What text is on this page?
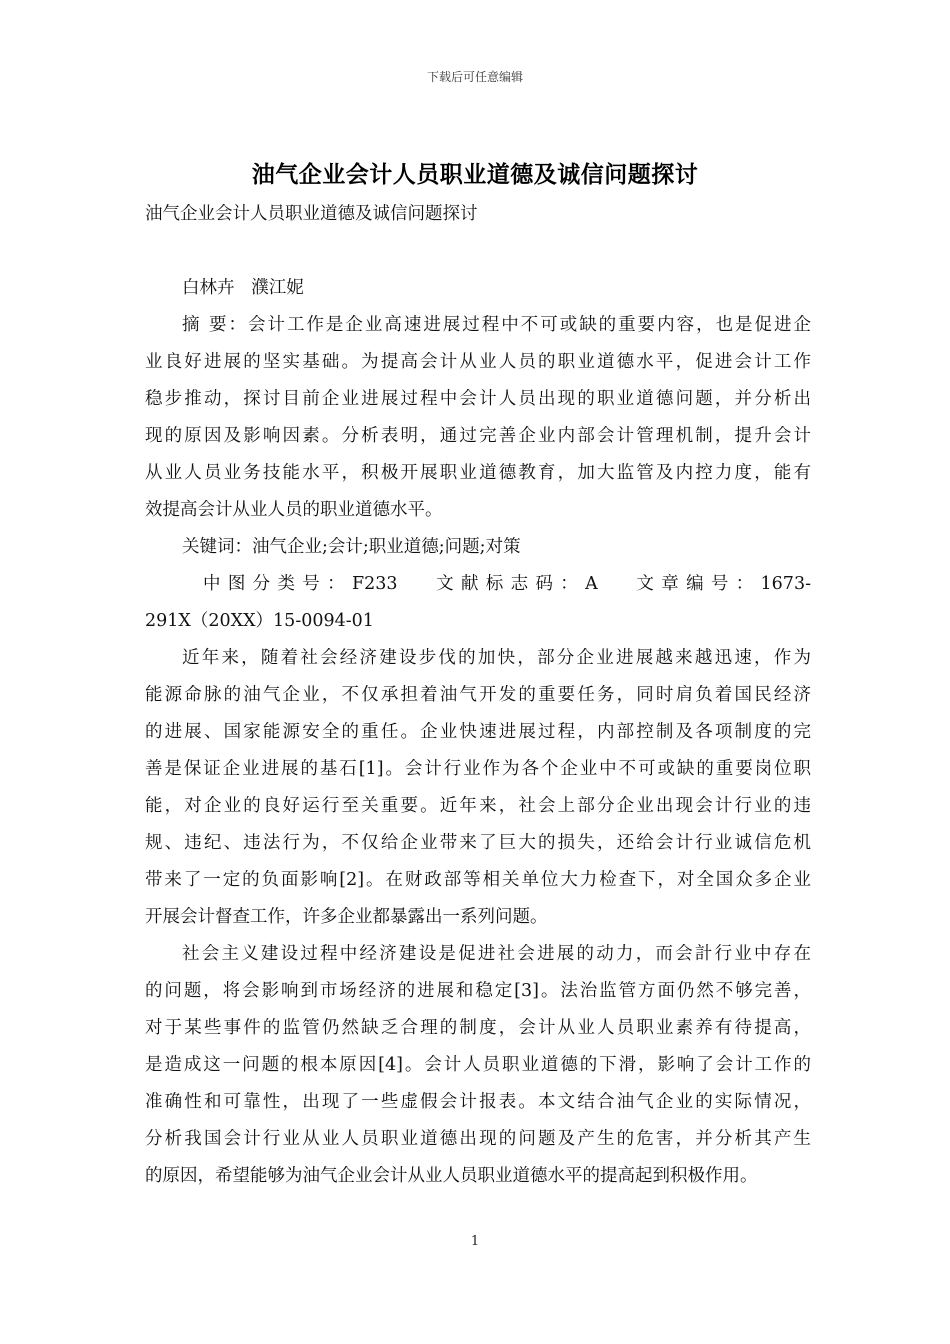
下载后可任意编辑
油气企业会计人员职业道德及诚信问题探讨
油气企业会计人员职业道德及诚信问题探讨
白林卉   濮江妮
摘 要：会计工作是企业高速进展过程中不可或缺的重要内容，也是促进企
业良好进展的坚实基础。为提高会计从业人员的职业道德水平，促进会计工作
稳步推动，探讨目前企业进展过程中会计人员出现的职业道德问题，并分析出
现的原因及影响因素。分析表明，通过完善企业内部会计管理机制，提升会计
从业人员业务技能水平，积极开展职业道德教育，加大监管及内控力度，能有
效提高会计从业人员的职业道德水平。
关键词：油气企业;会计;职业道德;问题;对策
中图分类号：F233   文献标志码：A   文章编号：1673-
291X（20XX）15-0094-01
近年来，随着社会经济建设步伐的加快，部分企业进展越来越迅速，作为
能源命脉的油气企业，不仅承担着油气开发的重要任务，同时肩负着国民经济
的进展、国家能源安全的重任。企业快速进展过程，内部控制及各项制度的完
善是保证企业进展的基石[1]。会计行业作为各个企业中不可或缺的重要岗位职
能，对企业的良好运行至关重要。近年来，社会上部分企业出现会计行业的违
规、违纪、违法行为，不仅给企业带来了巨大的损失，还给会计行业诚信危机
带来了一定的负面影响[2]。在财政部等相关单位大力检查下，对全国众多企业
开展会计督查工作，许多企业都暴露出一系列问题。
社会主义建设过程中经济建设是促进社会进展的动力，而会計行业中存在
的问题，将会影响到市场经济的进展和稳定[3]。法治监管方面仍然不够完善，
对于某些事件的监管仍然缺乏合理的制度，会计从业人员职业素养有待提高，
是造成这一问题的根本原因[4]。会计人员职业道德的下滑，影响了会计工作的
准确性和可靠性，出现了一些虚假会计报表。本文结合油气企业的实际情况，
分析我国会计行业从业人员职业道德出现的问题及产生的危害，并分析其产生
的原因，希望能够为油气企业会计从业人员职业道德水平的提高起到积极作用。
1
